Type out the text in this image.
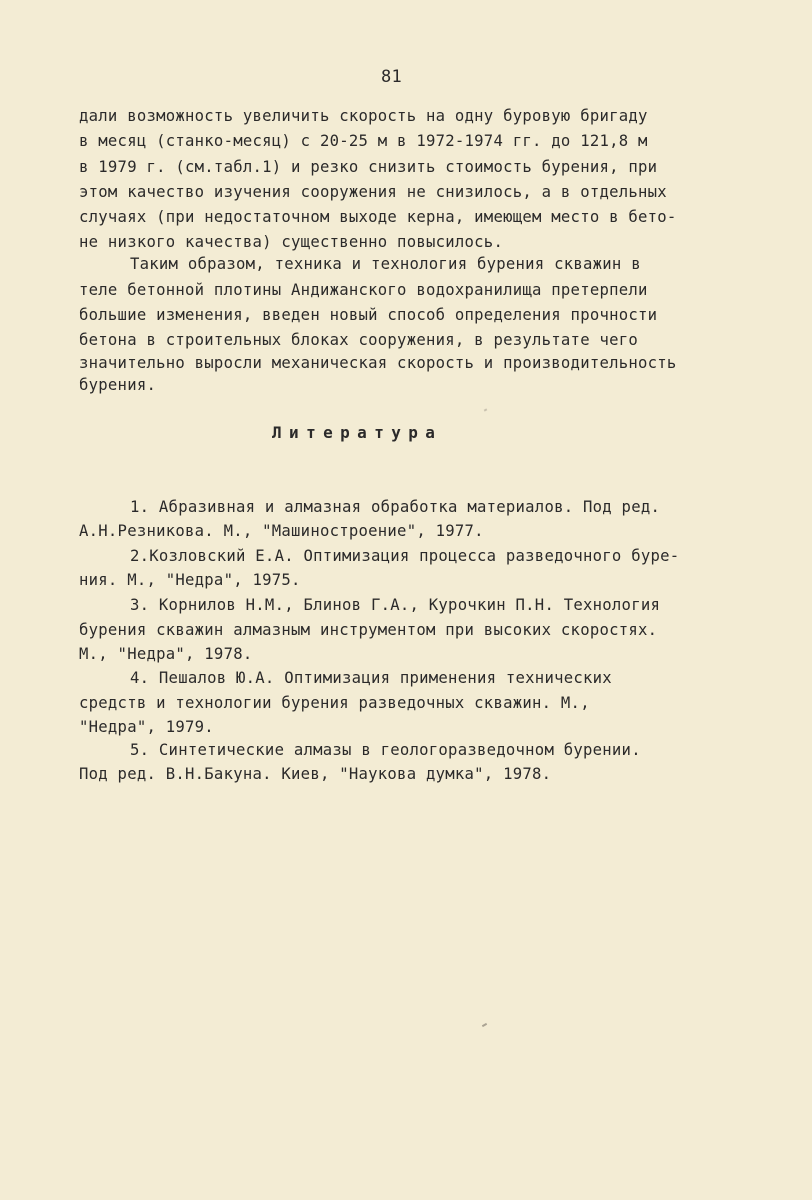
81
дали возможность увеличить скорость на одну буровую бригаду
в месяц (станко-месяц) с 20-25 м в 1972-1974 гг. до 121,8 м
в 1979 г. (см.табл.1) и резко снизить стоимость бурения, при
этом качество изучения сооружения не снизилось, а в отдельных
случаях (при недостаточном выходе керна, имеющем место в бето-
не низкого качества) существенно повысилось.
Таким образом, техника и технология бурения скважин в
теле бетонной плотины Андижанского водохранилища претерпели
большие изменения, введен новый способ определения прочности
бетона в строительных блоках сооружения, в результате чего
значительно выросли механическая скорость и производительность
бурения.
Литература
1. Абразивная и алмазная обработка материалов. Под ред.
А.Н.Резникова. М., "Машиностроение", 1977.
2.Козловский Е.А. Оптимизация процесса разведочного буре-
ния. М., "Недра", 1975.
3. Корнилов Н.М., Блинов Г.А., Курочкин П.Н. Технология
бурения скважин алмазным инструментом при высоких скоростях.
М., "Недра", 1978.
4. Пешалов Ю.А. Оптимизация применения технических
средств и технологии бурения разведочных скважин. М.,
"Недра", 1979.
5. Синтетические алмазы в геологоразведочном бурении.
Под ред. В.Н.Бакуна. Киев, "Наукова думка", 1978.
